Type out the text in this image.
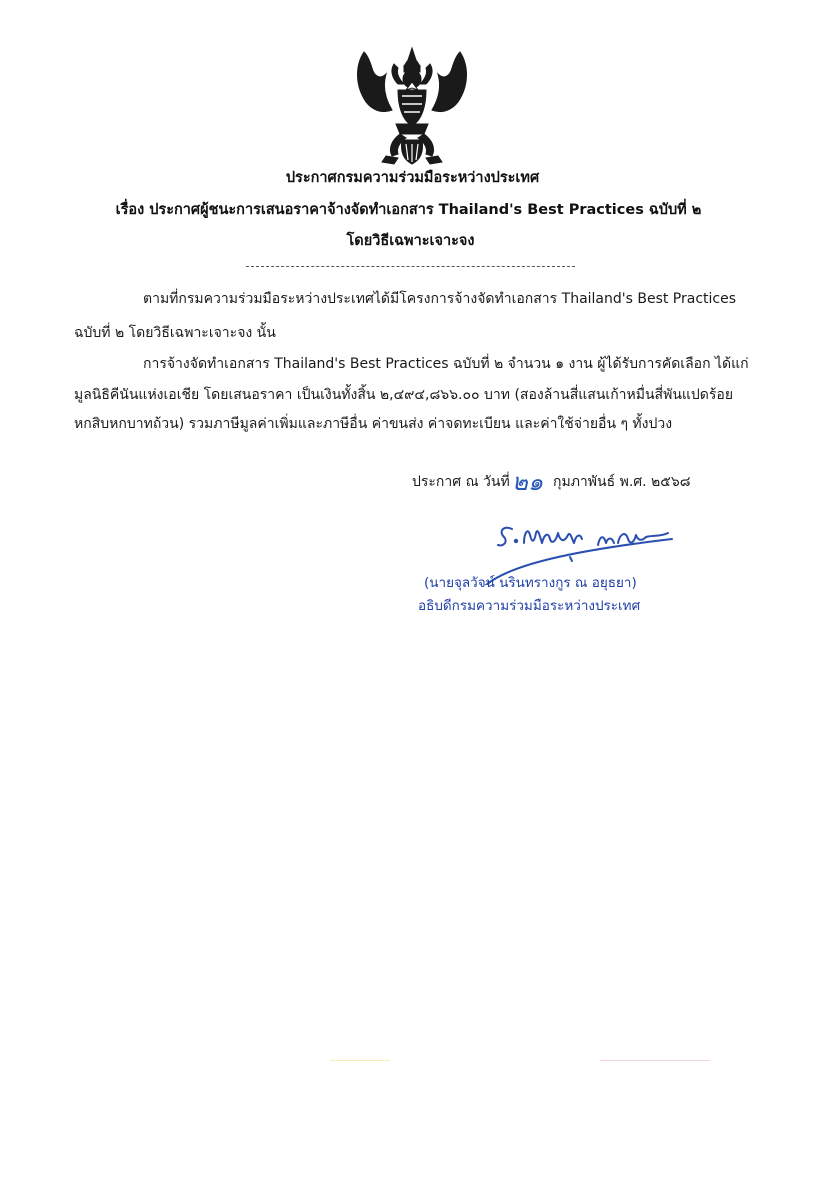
ประกาศกรมความร่วมมือระหว่างประเทศ
เรื่อง ประกาศผู้ชนะการเสนอราคาจ้างจัดทำเอกสาร Thailand's Best Practices ฉบับที่ ๒
โดยวิธีเฉพาะเจาะจง
ตามที่กรมความร่วมมือระหว่างประเทศได้มีโครงการจ้างจัดทำเอกสาร Thailand's Best Practices
ฉบับที่ ๒ โดยวิธีเฉพาะเจาะจง นั้น
การจ้างจัดทำเอกสาร Thailand's Best Practices ฉบับที่ ๒ จำนวน ๑ งาน ผู้ได้รับการคัดเลือก ได้แก่
มูลนิธิคีนันแห่งเอเชีย โดยเสนอราคา เป็นเงินทั้งสิ้น ๒,๔๙๔,๘๖๖.๐๐ บาท (สองล้านสี่แสนเก้าหมื่นสี่พันแปดร้อย
หกสิบหกบาทถ้วน) รวมภาษีมูลค่าเพิ่มและภาษีอื่น ค่าขนส่ง ค่าจดทะเบียน และค่าใช้จ่ายอื่น ๆ ทั้งปวง
ประกาศ ณ วันที่ ๒๑ กุมภาพันธ์ พ.ศ. ๒๕๖๘
(นายจุลวัจน์ นรินทรางกูร ณ อยุธยา)
อธิบดีกรมความร่วมมือระหว่างประเทศ
